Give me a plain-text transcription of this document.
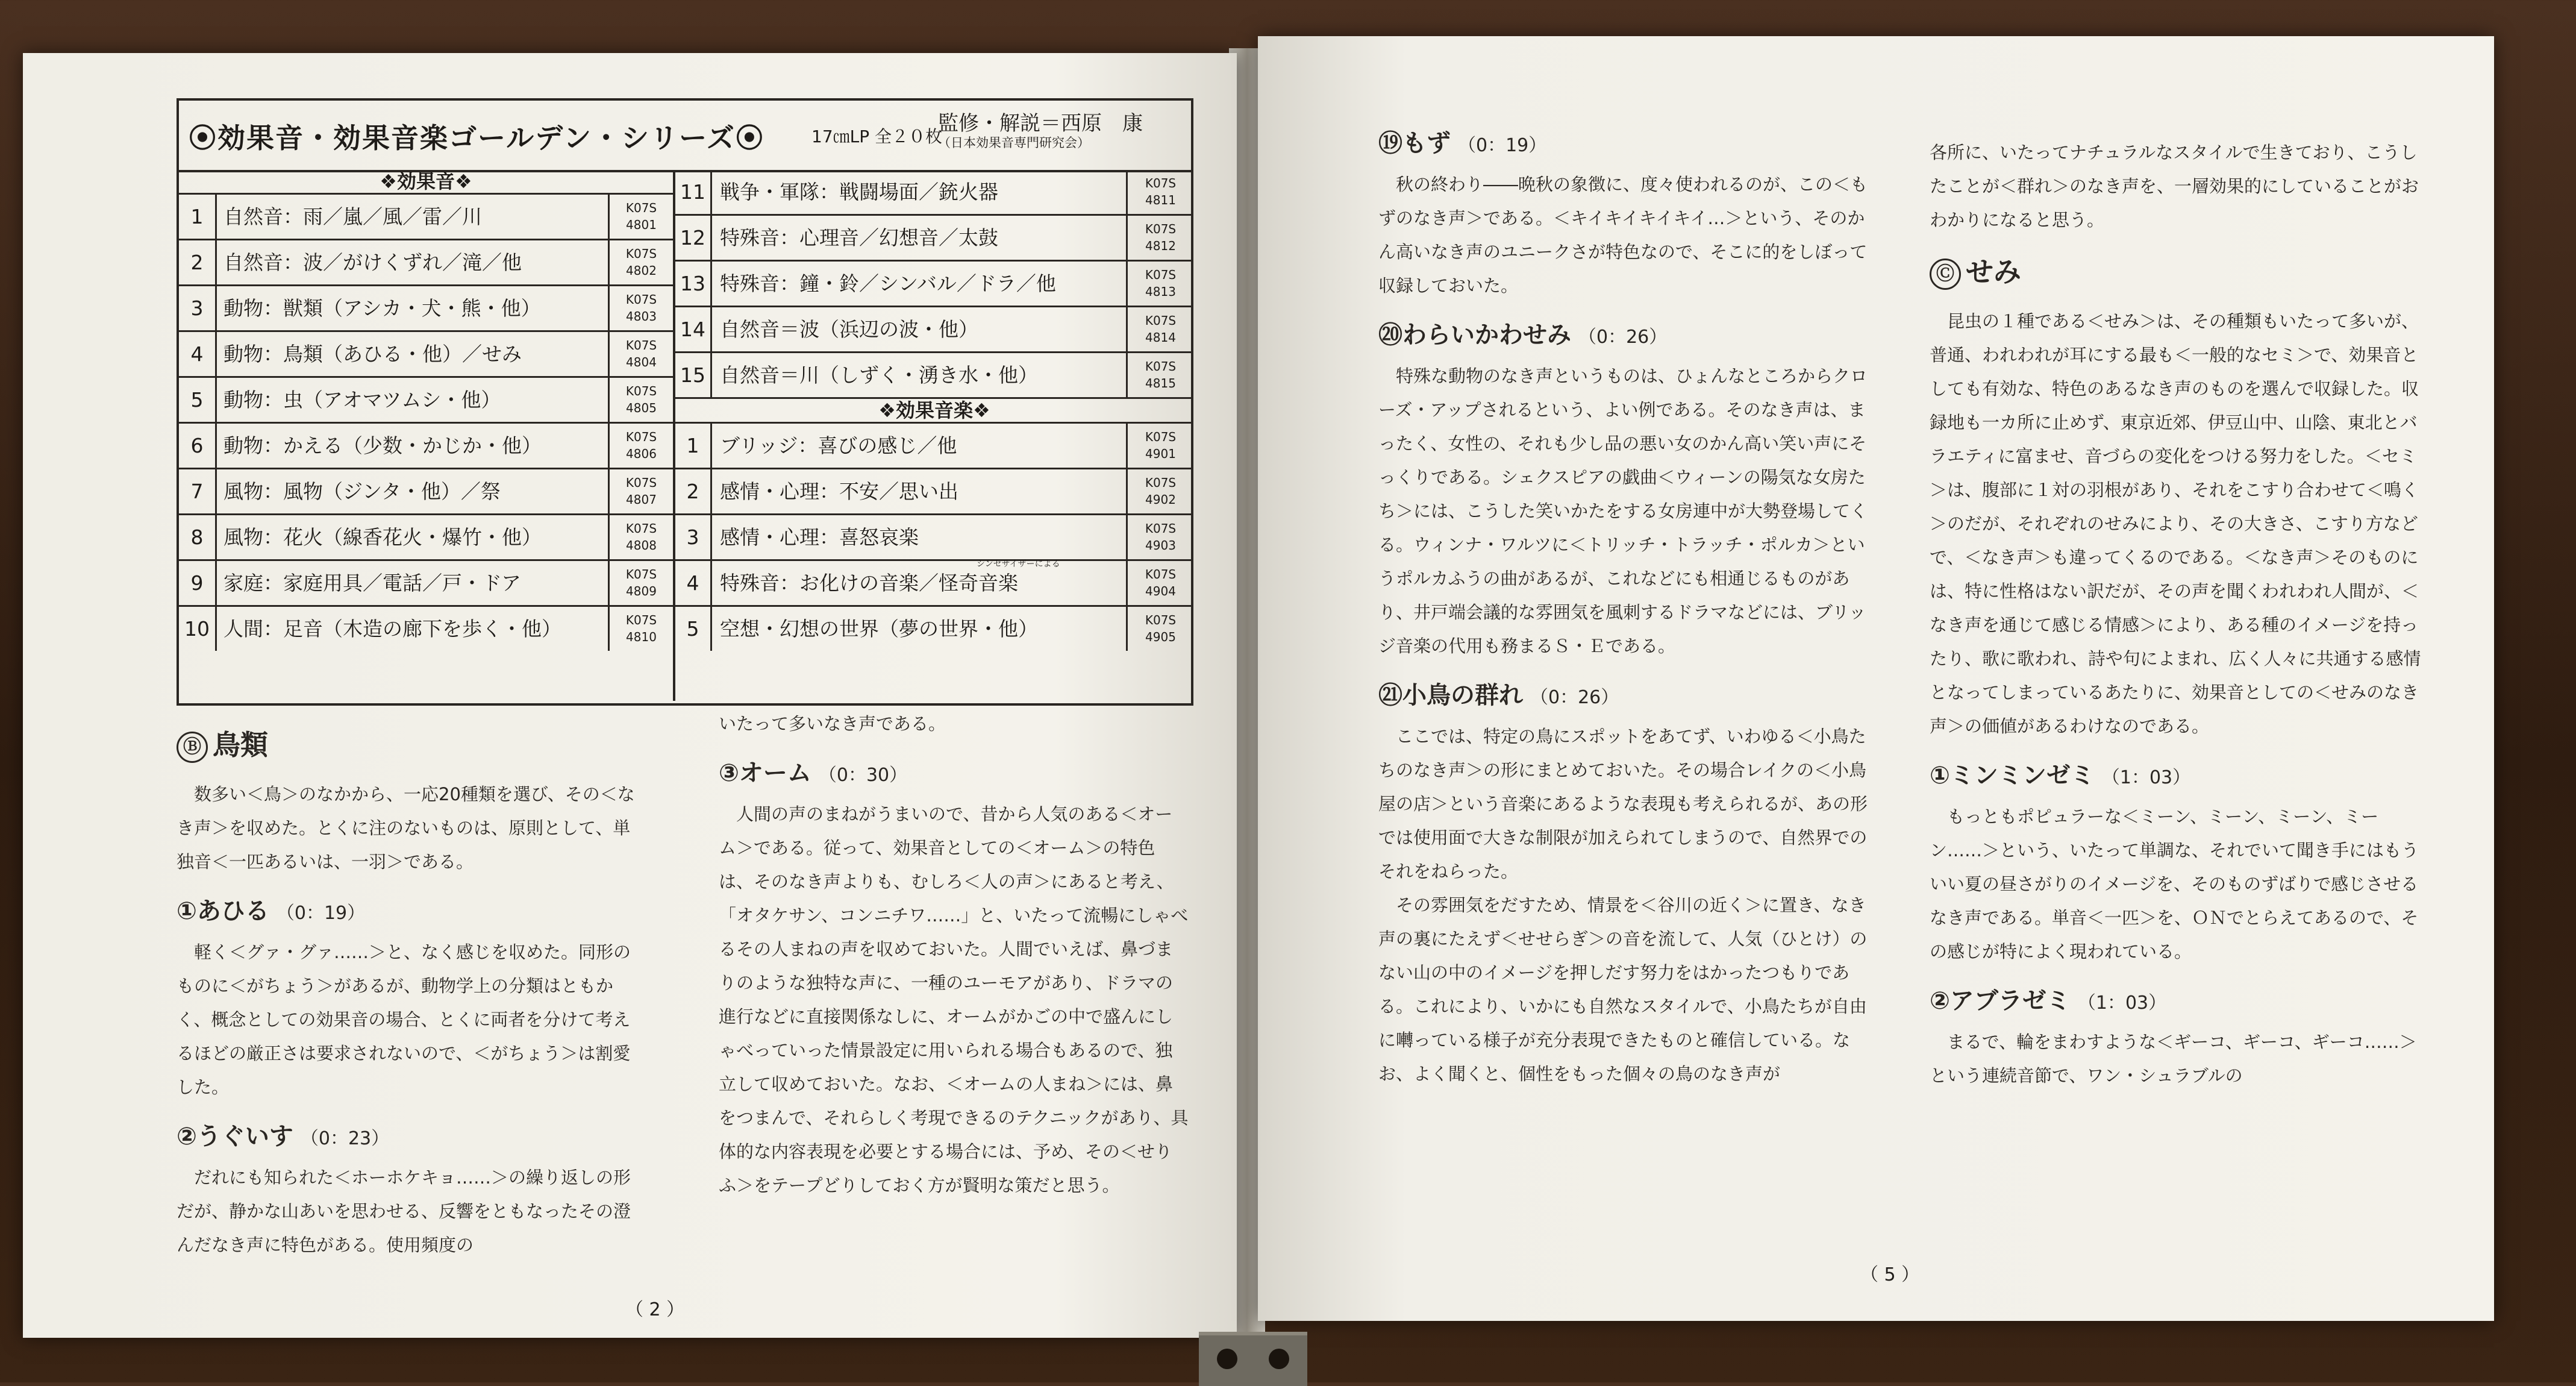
⦿効果音・効果音楽ゴールデン・シリーズ⦿	17㎝LP 全２０枚
監修・解説＝西原　康
（日本効果音専門研究会）
❖効果音❖
1	自然音：雨／嵐／風／雷／川	K07S
4801
2	自然音：波／がけくずれ／滝／他	K07S
4802
3	動物：獣類（アシカ・犬・熊・他）	K07S
4803
4	動物：鳥類（あひる・他）／せみ	K07S
4804
5	動物：虫（アオマツムシ・他）	K07S
4805
6	動物：かえる（少数・かじか・他）	K07S
4806
7	風物：風物（ジンタ・他）／祭	K07S
4807
8	風物：花火（線香花火・爆竹・他）	K07S
4808
9	家庭：家庭用具／電話／戸・ドア	K07S
4809
10 人間：足音（木造の廊下を歩く・他）	K07S
4810
11 戦争・軍隊：戦闘場面／銃火器	K07S
4811
12 特殊音：心理音／幻想音／太鼓	K07S
4812
13 特殊音：鐘・鈴／シンバル／ドラ／他	K07S
4813
14 自然音＝波（浜辺の波・他）	K07S
4814
15 自然音＝川（しずく・湧き水・他）	K07S
4815
❖効果音楽❖
1	ブリッジ：喜びの感じ／他	K07S
4901
2	感情・心理：不安／思い出	K07S
4902
3	感情・心理：喜怒哀楽	K07S
4903
4	特殊音：お化けの音楽／怪奇音楽
シンセサイザーによる
K07S
4904
5	空想・幻想の世界（夢の世界・他）	K07S
4905
Ⓑ 鳥類

数多い＜鳥＞のなかから、一応20種類を選び、その＜なき声＞を収めた。とくに注のないものは、原則として、単独音＜一匹あるいは、一羽＞である。

①あひる （0：19）

軽く＜グァ・グァ……＞と、なく感じを収めた。同形のものに＜がちょう＞があるが、動物学上の分類はともかく、概念としての効果音の場合、とくに両者を分けて考えるほどの厳正さは要求されないので、＜がちょう＞は割愛した。

②うぐいす （0：23）

だれにも知られた＜ホーホケキョ……＞の繰り返しの形だが、静かな山あいを思わせる、反響をともなったその澄んだなき声に特色がある。使用頻度の

いたって多いなき声である。

③オーム （0：30）

人間の声のまねがうまいので、昔から人気のある＜オーム＞である。従って、効果音としての＜オーム＞の特色は、そのなき声よりも、むしろ＜人の声＞にあると考え、「オタケサン、コンニチワ……」と、いたって流暢にしゃべるその人まねの声を収めておいた。人間でいえば、鼻づまりのような独特な声に、一種のユーモアがあり、ドラマの進行などに直接関係なしに、オームがかごの中で盛んにしゃべっていった情景設定に用いられる場合もあるので、独立して収めておいた。なお、＜オームの人まね＞には、鼻をつまんで、それらしく考現できるのテクニックがあり、具体的な内容表現を必要とする場合には、予め、その＜せりふ＞をテープどりしておく方が賢明な策だと思う。

（ 2 ）
⑲もず （0：19）

秋の終わり――晩秋の象徴に、度々使われるのが、この＜もずのなき声＞である。＜キイキイキイキイ…＞という、そのかん高いなき声のユニークさが特色なので、そこに的をしぼって収録しておいた。

⑳わらいかわせみ （0：26）

特殊な動物のなき声というものは、ひょんなところからクローズ・アップされるという、よい例である。そのなき声は、まったく、女性の、それも少し品の悪い女のかん高い笑い声にそっくりである。シェクスピアの戯曲＜ウィーンの陽気な女房たち＞には、こうした笑いかたをする女房連中が大勢登場してくる。ウィンナ・ワルツに＜トリッチ・トラッチ・ポルカ＞というポルカふうの曲があるが、これなどにも相通じるものがあり、井戸端会議的な雰囲気を風刺するドラマなどには、ブリッジ音楽の代用も務まるＳ・Ｅである。

㉑小鳥の群れ （0：26）

ここでは、特定の鳥にスポットをあてず、いわゆる＜小鳥たちのなき声＞の形にまとめておいた。その場合レイクの＜小鳥屋の店＞という音楽にあるような表現も考えられるが、あの形では使用面で大きな制限が加えられてしまうので、自然界でのそれをねらった。

その雰囲気をだすため、情景を＜谷川の近く＞に置き、なき声の裏にたえず＜せせらぎ＞の音を流して、人気（ひとけ）のない山の中のイメージを押しだす努力をはかったつもりである。これにより、いかにも自然なスタイルで、小鳥たちが自由に囀っている様子が充分表現できたものと確信している。なお、よく聞くと、個性をもった個々の鳥のなき声が

各所に、いたってナチュラルなスタイルで生きており、こうしたことが＜群れ＞のなき声を、一層効果的にしていることがおわかりになると思う。

Ⓒ せみ

昆虫の１種である＜せみ＞は、その種類もいたって多いが、普通、われわれが耳にする最も＜一般的なセミ＞で、効果音としても有効な、特色のあるなき声のものを選んで収録した。収録地も一カ所に止めず、東京近郊、伊豆山中、山陰、東北とバラエティに富ませ、音づらの変化をつける努力をした。＜セミ＞は、腹部に１対の羽根があり、それをこすり合わせて＜鳴く＞のだが、それぞれのせみにより、その大きさ、こすり方などで、＜なき声＞も違ってくるのである。＜なき声＞そのものには、特に性格はない訳だが、その声を聞くわれわれ人間が、＜なき声を通じて感じる情感＞により、ある種のイメージを持ったり、歌に歌われ、詩や句によまれ、広く人々に共通する感情となってしまっているあたりに、効果音としての＜せみのなき声＞の価値があるわけなのである。

①ミンミンゼミ （1：03）

もっともポピュラーな＜ミーン、ミーン、ミーン、ミーン……＞という、いたって単調な、それでいて聞き手にはもういい夏の昼さがりのイメージを、そのものずばりで感じさせるなき声である。単音＜一匹＞を、ＯＮでとらえてあるので、その感じが特によく現われている。

②アブラゼミ （1：03）

まるで、輪をまわすような＜ギーコ、ギーコ、ギーコ……＞という連続音節で、ワン・シュラブルの

（ 5 ）
